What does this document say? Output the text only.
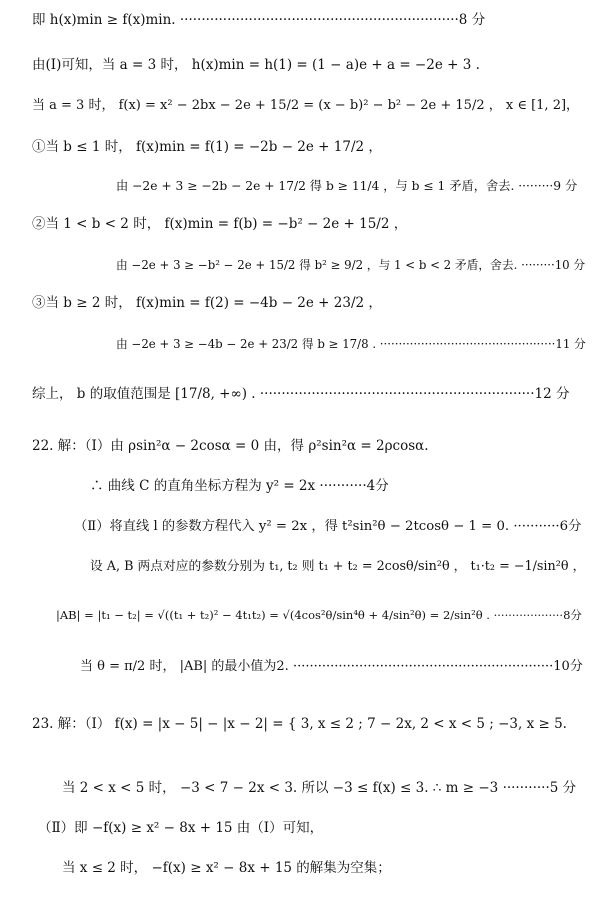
即 h(x)min ≥ f(x)min. ·································································8 分
由(Ⅰ)可知，当 a = 3 时， h(x)min = h(1) = (1 − a)e + a = −2e + 3 .
当 a = 3 时， f(x) = x² − 2bx − 2e + 15/2 = (x − b)² − b² − 2e + 15/2 ， x ∈ [1, 2]，
①当 b ≤ 1 时， f(x)min = f(1) = −2b − 2e + 17/2 ，
由 −2e + 3 ≥ −2b − 2e + 17/2 得 b ≥ 11/4 ，与 b ≤ 1 矛盾，舍去. ·········9 分
②当 1 < b < 2 时， f(x)min = f(b) = −b² − 2e + 15/2 ，
由 −2e + 3 ≥ −b² − 2e + 15/2 得 b² ≥ 9/2 ，与 1 < b < 2 矛盾，舍去. ·········10 分
③当 b ≥ 2 时， f(x)min = f(2) = −4b − 2e + 23/2 ，
由 −2e + 3 ≥ −4b − 2e + 23/2 得 b ≥ 17/8 . ···············································11 分
综上， b 的取值范围是 [17/8, +∞) . ································································12 分
22. 解：（Ⅰ）由 ρsin²α − 2cosα = 0 由，得 ρ²sin²α = 2ρcosα.
∴ 曲线 C 的直角坐标方程为 y² = 2x ···········4分
（Ⅱ）将直线 l 的参数方程代入 y² = 2x ，得 t²sin²θ − 2tcosθ − 1 = 0. ···········6分
设 A, B 两点对应的参数分别为 t₁, t₂ 则 t₁ + t₂ = 2cosθ/sin²θ ， t₁·t₂ = −1/sin²θ ，
|AB| = |t₁ − t₂| = √((t₁ + t₂)² − 4t₁t₂) = √(4cos²θ/sin⁴θ + 4/sin²θ) = 2/sin²θ . ···················8分
当 θ = π/2 时， |AB| 的最小值为2. ·······························································10分
23. 解：（Ⅰ） f(x) = |x − 5| − |x − 2| = { 3, x ≤ 2 ; 7 − 2x, 2 < x < 5 ; −3, x ≥ 5.
当 2 < x < 5 时， −3 < 7 − 2x < 3. 所以 −3 ≤ f(x) ≤ 3. ∴ m ≥ −3 ···········5 分
（Ⅱ）即 −f(x) ≥ x² − 8x + 15 由（Ⅰ）可知，
当 x ≤ 2 时， −f(x) ≥ x² − 8x + 15 的解集为空集；
